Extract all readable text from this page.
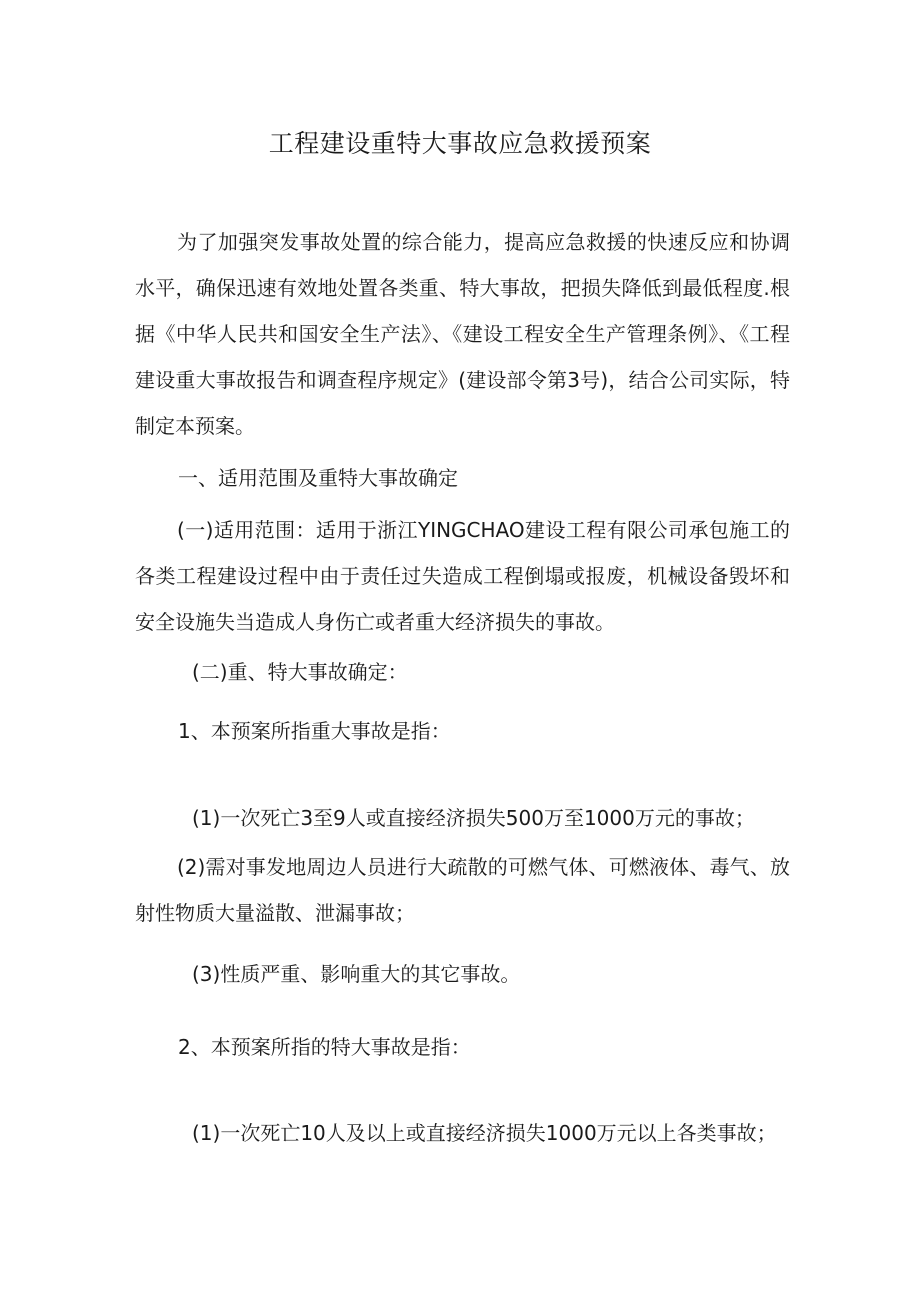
工程建设重特大事故应急救援预案
为了加强突发事故处置的综合能力，提高应急救援的快速反应和协调水平，确保迅速有效地处置各类重、特大事故，把损失降低到最低程度.根据《中华人民共和国安全生产法》、《建设工程安全生产管理条例》、《工程建设重大事故报告和调查程序规定》(建设部令第3号)，结合公司实际，特制定本预案。
一、适用范围及重特大事故确定
(一)适用范围：适用于浙江YINGCHAO建设工程有限公司承包施工的各类工程建设过程中由于责任过失造成工程倒塌或报废，机械设备毁坏和安全设施失当造成人身伤亡或者重大经济损失的事故。
(二)重、特大事故确定：
1、本预案所指重大事故是指：
(1)一次死亡3至9人或直接经济损失500万至1000万元的事故；
(2)需对事发地周边人员进行大疏散的可燃气体、可燃液体、毒气、放射性物质大量溢散、泄漏事故；
(3)性质严重、影响重大的其它事故。
2、本预案所指的特大事故是指：
(1)一次死亡10人及以上或直接经济损失1000万元以上各类事故；
